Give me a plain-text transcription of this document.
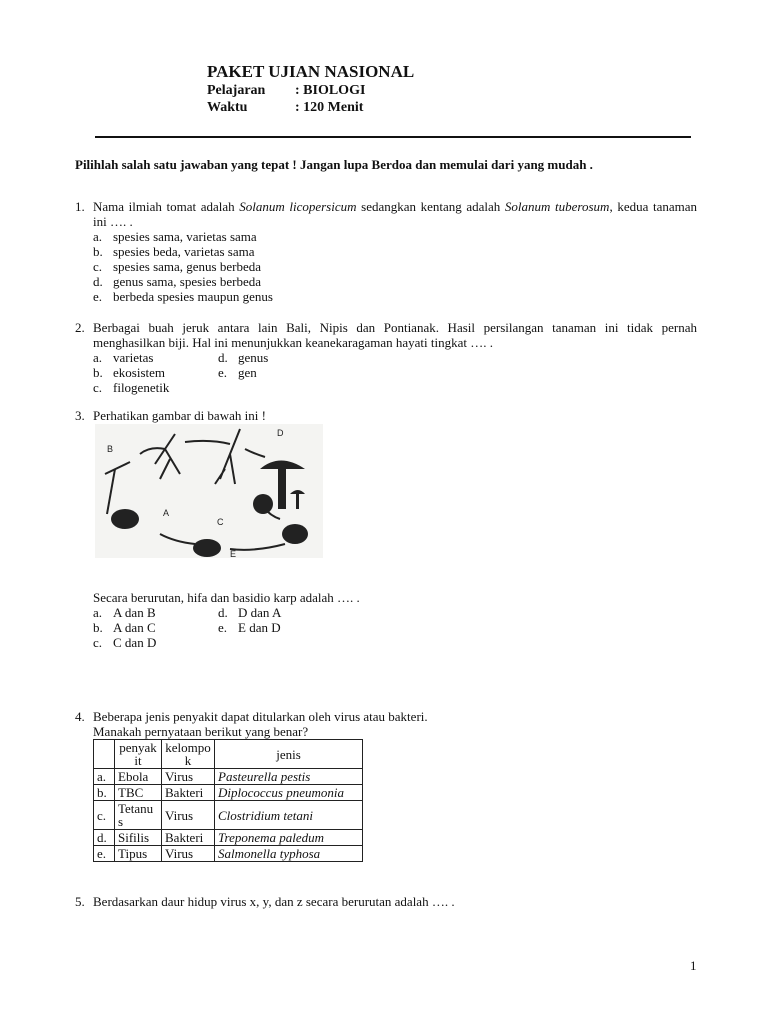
PAKET UJIAN NASIONAL
Pelajaran : BIOLOGI
Waktu	: 120 Menit
Pilihlah salah satu jawaban yang tepat ! Jangan lupa Berdoa dan memulai dari yang mudah .
1. Nama ilmiah tomat adalah Solanum licopersicum sedangkan kentang adalah Solanum tuberosum, kedua tanaman ini …. .
a. spesies sama, varietas sama
b. spesies beda, varietas sama
c. spesies sama, genus berbeda
d. genus sama, spesies berbeda
e. berbeda spesies maupun genus
2. Berbagai buah jeruk antara lain Bali, Nipis dan Pontianak. Hasil persilangan tanaman ini tidak pernah menghasilkan biji. Hal ini menunjukkan keanekaragaman hayati tingkat …. .
a. varietas	d. genus
b. ekosistem	e. gen
c. filogenetik
3. Perhatikan gambar di bawah ini !
A
B
C
D
E
Secara berurutan, hifa dan basidio karp adalah …. .
a. A dan B	d. D dan A
b. A dan C	e. E dan D
c. C dan D
4. Beberapa jenis penyakit dapat ditularkan oleh virus atau bakteri.
Manakah pernyataan berikut yang benar?
	penyak it	kelompo k	jenis
a.	Ebola	Virus	Pasteurella pestis
b.	TBC	Bakteri	Diplococcus pneumonia
c.	Tetanu s	Virus	Clostridium tetani
d.	Sifilis	Bakteri	Treponema paledum
e.	Tipus	Virus	Salmonella typhosa
5. Berdasarkan daur hidup virus x, y, dan z secara berurutan adalah …. .
1
